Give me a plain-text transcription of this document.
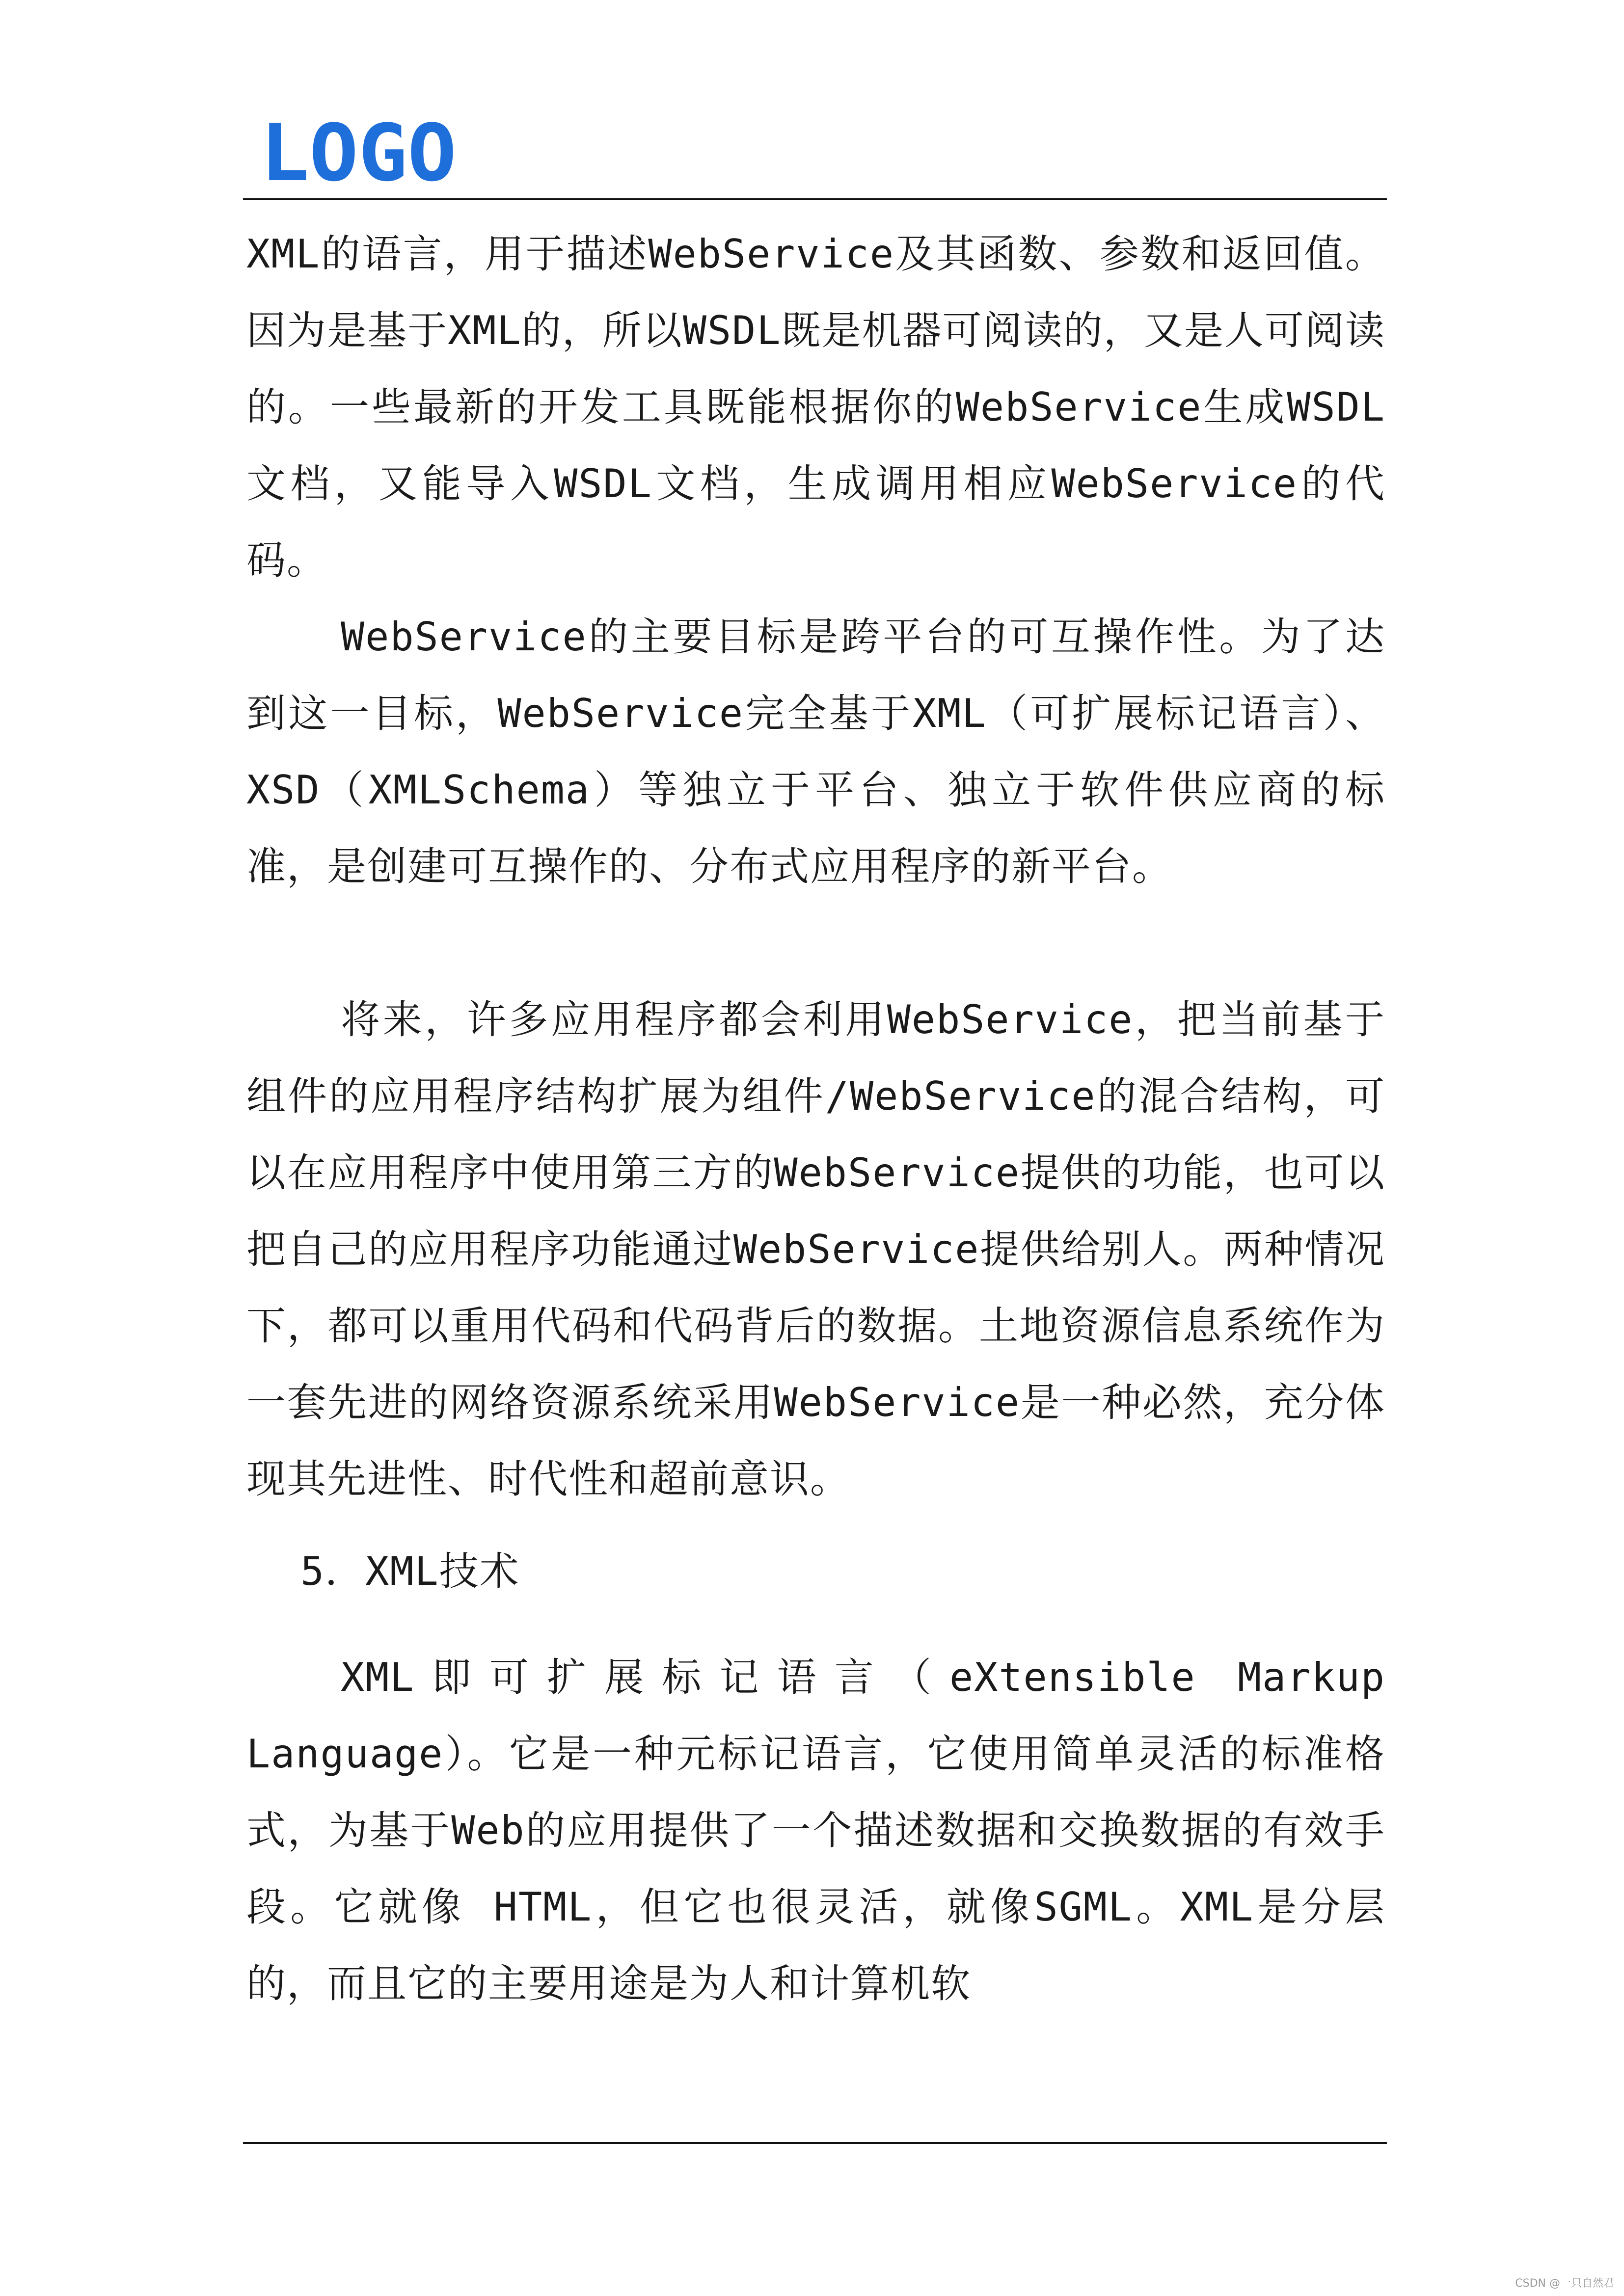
LOGO

XML的语言，用于描述WebService及其函数、参数和返回值。因为是基于XML的，所以WSDL既是机器可阅读的，又是人可阅读的。一些最新的开发工具既能根据你的WebService生成WSDL文档，又能导入WSDL文档，生成调用相应WebService的代码。

WebService的主要目标是跨平台的可互操作性。为了达到这一目标，WebService完全基于XML（可扩展标记语言）、XSD（XMLSchema）等独立于平台、独立于软件供应商的标准，是创建可互操作的、分布式应用程序的新平台。

将来，许多应用程序都会利用WebService，把当前基于组件的应用程序结构扩展为组件/WebService的混合结构，可以在应用程序中使用第三方的WebService提供的功能，也可以把自己的应用程序功能通过WebService提供给别人。两种情况下，都可以重用代码和代码背后的数据。土地资源信息系统作为一套先进的网络资源系统采用WebService是一种必然，充分体现其先进性、时代性和超前意识。

5．XML技术

XML即可扩展标记语言（eXtensible Markup Language）。它是一种元标记语言，它使用简单灵活的标准格式，为基于Web的应用提供了一个描述数据和交换数据的有效手段。它就像 HTML，但它也很灵活，就像SGML。XML是分层的，而且它的主要用途是为人和计算机软

CSDN @一只自然君
